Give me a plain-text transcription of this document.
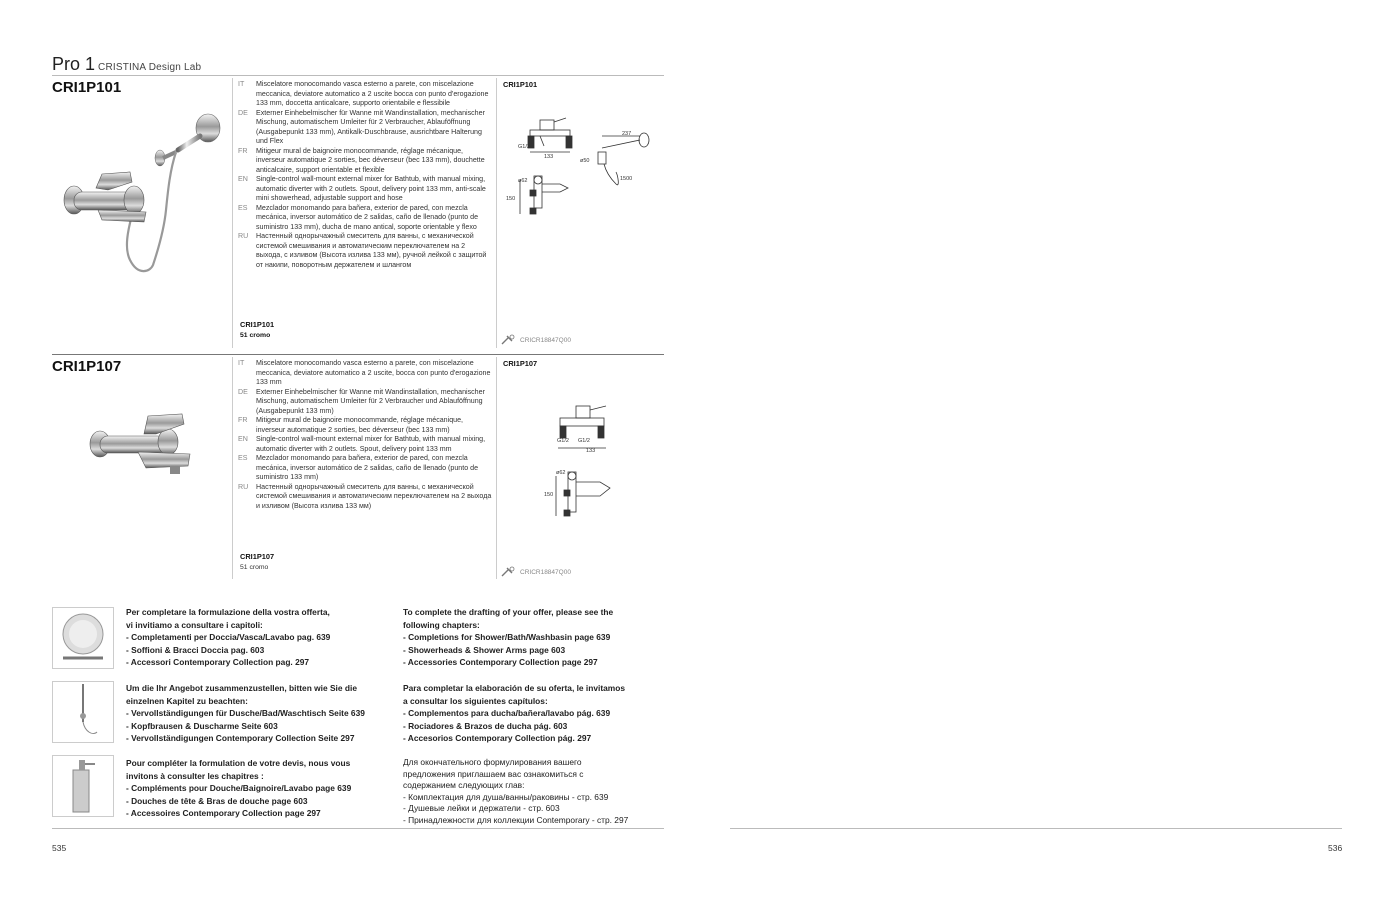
Pro 1 CRISTINA Design Lab
CRI1P101	IT	Miscelatore monocomando vasca esterno a parete, con miscelazione meccanica, deviatore automatico a 2 uscite bocca con punto d'erogazione 133 mm, doccetta anticalcare, supporto orientabile e flessibile
DE	Externer Einhebelmischer für Wanne mit Wandinstallation, mechanischer Mischung, automatischem Umleiter für 2 Verbraucher, Ablauföffnung (Ausgabepunkt 133 mm), Antikalk-Duschbrause, ausrichtbare Halterung und Flex
FR	Mitigeur mural de baignoire monocommande, réglage mécanique, inverseur automatique 2 sorties, bec déverseur (bec 133 mm), douchette anticalcaire, support orientable et flexible
EN	Single-control wall-mount external mixer for Bathtub, with manual mixing, automatic diverter with 2 outlets. Spout, delivery point 133 mm, anti-scale mini showerhead, adjustable support and hose
ES	Mezclador monomando para bañera, exterior de pared, con mezcla mecánica, inversor automático de 2 salidas, caño de llenado (punto de suministro 133 mm), ducha de mano antical, soporte orientable y flexo
RU	Настенный однорычажный смеситель для ванны, с механической системой смешивания и автоматическим переключателем на 2 выхода, с изливом (Высота излива 133 мм), ручной лейкой с защитой от накипи, поворотным держателем и шлангом
CRI1P101
51 cromo
CRI1P101
G1/2
133
237
ø50
1500
ø62
150
CRICR18847Q00
CRI1P107	IT	Miscelatore monocomando vasca esterno a parete, con miscelazione meccanica, deviatore automatico a 2 uscite, bocca con punto d'erogazione 133 mm
DE	Externer Einhebelmischer für Wanne mit Wandinstallation, mechanischer Mischung, automatischem Umleiter für 2 Verbraucher und Ablauföffnung (Ausgabepunkt 133 mm)
FR	Mitigeur mural de baignoire monocommande, réglage mécanique, inverseur automatique 2 sorties, bec déverseur (bec 133 mm)
EN	Single-control wall-mount external mixer for Bathtub, with manual mixing, automatic diverter with 2 outlets. Spout, delivery point 133 mm
ES	Mezclador monomando para bañera, exterior de pared, con mezcla mecánica, inversor automático de 2 salidas, caño de llenado (punto de suministro 133 mm)
RU	Настенный однорычажный смеситель для ванны, с механической системой смешивания и автоматическим переключателем на 2 выхода и изливом (Высота излива 133 мм)
CRI1P107
51 cromo
CRI1P107
G1/2 G1/2
133
ø62
150
CRICR18847Q00
Per completare la formulazione della vostra offerta,
vi invitiamo a consultare i capitoli:
- Completamenti per Doccia/Vasca/Lavabo pag. 639
- Soffioni & Bracci Doccia pag. 603
- Accessori Contemporary Collection pag. 297
To complete the drafting of your offer, please see the
following chapters:
- Completions for Shower/Bath/Washbasin page 639
- Showerheads & Shower Arms page 603
- Accessories Contemporary Collection page 297
Um die Ihr Angebot zusammenzustellen, bitten wie Sie die
einzelnen Kapitel zu beachten:
- Vervollständigungen für Dusche/Bad/Waschtisch Seite 639
- Kopfbrausen & Duscharme Seite 603
- Vervollständigungen Contemporary Collection Seite 297
Para completar la elaboración de su oferta, le invitamos
a consultar los siguientes capítulos:
- Complementos para ducha/bañera/lavabo pág. 639
- Rociadores & Brazos de ducha pág. 603
- Accesorios Contemporary Collection pág. 297
Pour compléter la formulation de votre devis, nous vous
invitons à consulter les chapitres :
- Compléments pour Douche/Baignoire/Lavabo page 639
- Douches de tête & Bras de douche page 603
- Accessoires Contemporary Collection page 297
Для окончательного формулирования вашего
предложения приглашаем вас ознакомиться с
содержанием следующих глав:
- Комплектация для душа/ванны/раковины - стр. 639
- Душевые лейки и держатели - стр. 603
- Принадлежности для коллекции Contemporary - стр. 297
535	536
